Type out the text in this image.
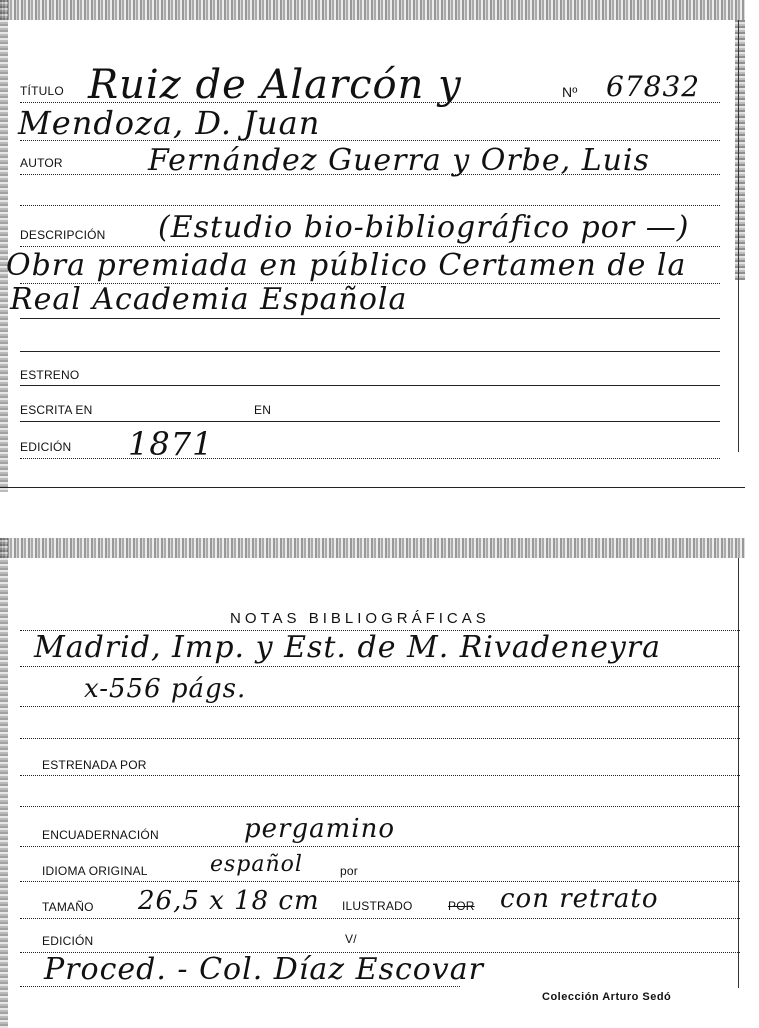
TÍTULO Ruiz de Alarcón y	Nº 67832
Mendoza, D. Juan
AUTOR	Fernández Guerra y Orbe, Luis
DESCRIPCIÓN (Estudio bio-bibliográfico por —)
Obra premiada en público Certamen de la
Real Academia Española
ESTRENO
ESCRITA EN	EN
EDICIÓN 1871
NOTAS BIBLIOGRÁFICAS
Madrid, Imp. y Est. de M. Rivadeneyra
x-556 págs.
ESTRENADA POR
ENCUADERNACIÓN	pergamino
IDIOMA ORIGINAL	español	por
TAMAÑO 26,5 x 18 cm ILUSTRADO	POR con retrato
EDICIÓN	V/
Proced. - Col. Díaz Escovar
Colección Arturo Sedó
